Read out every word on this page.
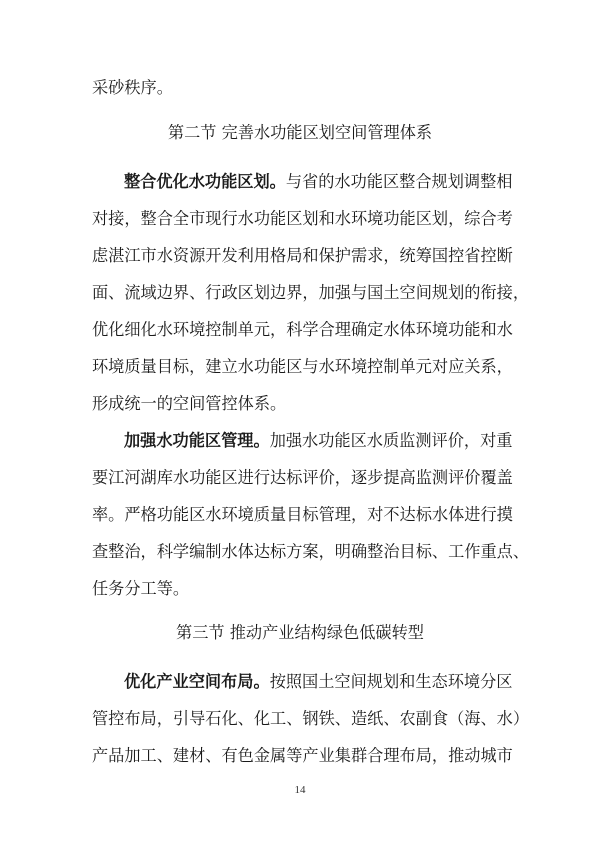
采砂秩序。
第二节 完善水功能区划空间管理体系
整合优化水功能区划。与省的水功能区整合规划调整相
对接，整合全市现行水功能区划和水环境功能区划，综合考
虑湛江市水资源开发利用格局和保护需求，统筹国控省控断
面、流域边界、行政区划边界，加强与国土空间规划的衔接，
优化细化水环境控制单元，科学合理确定水体环境功能和水
环境质量目标，建立水功能区与水环境控制单元对应关系，
形成统一的空间管控体系。
加强水功能区管理。加强水功能区水质监测评价，对重
要江河湖库水功能区进行达标评价，逐步提高监测评价覆盖
率。严格功能区水环境质量目标管理，对不达标水体进行摸
查整治，科学编制水体达标方案，明确整治目标、工作重点、
任务分工等。
第三节 推动产业结构绿色低碳转型
优化产业空间布局。按照国土空间规划和生态环境分区
管控布局，引导石化、化工、钢铁、造纸、农副食（海、水）
产品加工、建材、有色金属等产业集群合理布局，推动城市
14
